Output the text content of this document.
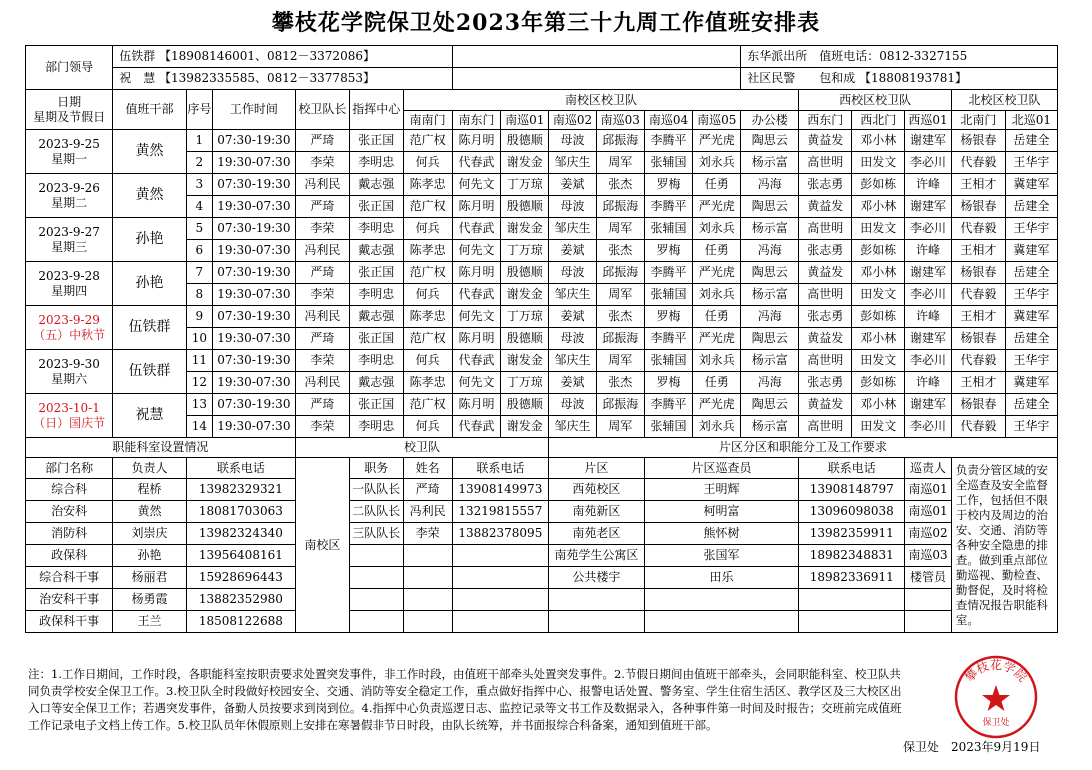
攀枝花学院保卫处2023年第三十九周工作值班安排表
部门领导	伍铁群 【18908146001、0812－3372086】												东华派出所　值班电话：0812-3327155					
	祝　慧 【13982335585、0812－3377853】												社区民警　　包和成 【18808193781】					
日期
星期及节假日	值班干部	序号	工作时间	校卫队长	指挥中心	南校区校卫队								西校区校卫队			北校区校卫队	
						南南门	南东门	南巡01	南巡02	南巡03	南巡04	南巡05	办公楼	西东门	西北门	西巡01	北南门	北巡01
2023-9-25
星期一	黄然	1	07:30-19:30	严琦	张正国	范广权	陈月明	殷德顺	母波	邱振海	李腾平	严光虎	陶思云	黄益发	邓小林	谢建军	杨银春	岳建全
		2	19:30-07:30	李荣	李明忠	何兵	代春武	谢发金	邹庆生	周军	张辅国	刘永兵	杨示富	高世明	田发文	李必川	代春毅	王华宇
2023-9-26
星期二	黄然	3	07:30-19:30	冯利民	戴志强	陈孝忠	何先文	丁万琼	姜斌	张杰	罗梅	任勇	冯海	张志勇	彭如栋	许峰	王相才	冀建军
		4	19:30-07:30	严琦	张正国	范广权	陈月明	殷德顺	母波	邱振海	李腾平	严光虎	陶思云	黄益发	邓小林	谢建军	杨银春	岳建全
2023-9-27
星期三	孙艳	5	07:30-19:30	李荣	李明忠	何兵	代春武	谢发金	邹庆生	周军	张辅国	刘永兵	杨示富	高世明	田发文	李必川	代春毅	王华宇
		6	19:30-07:30	冯利民	戴志强	陈孝忠	何先文	丁万琼	姜斌	张杰	罗梅	任勇	冯海	张志勇	彭如栋	许峰	王相才	冀建军
2023-9-28
星期四	孙艳	7	07:30-19:30	严琦	张正国	范广权	陈月明	殷德顺	母波	邱振海	李腾平	严光虎	陶思云	黄益发	邓小林	谢建军	杨银春	岳建全
		8	19:30-07:30	李荣	李明忠	何兵	代春武	谢发金	邹庆生	周军	张辅国	刘永兵	杨示富	高世明	田发文	李必川	代春毅	王华宇
2023-9-29
（五）中秋节	伍铁群	9	07:30-19:30	冯利民	戴志强	陈孝忠	何先文	丁万琼	姜斌	张杰	罗梅	任勇	冯海	张志勇	彭如栋	许峰	王相才	冀建军
		10	19:30-07:30	严琦	张正国	范广权	陈月明	殷德顺	母波	邱振海	李腾平	严光虎	陶思云	黄益发	邓小林	谢建军	杨银春	岳建全
2023-9-30
星期六	伍铁群	11	07:30-19:30	李荣	李明忠	何兵	代春武	谢发金	邹庆生	周军	张辅国	刘永兵	杨示富	高世明	田发文	李必川	代春毅	王华宇
		12	19:30-07:30	冯利民	戴志强	陈孝忠	何先文	丁万琼	姜斌	张杰	罗梅	任勇	冯海	张志勇	彭如栋	许峰	王相才	冀建军
2023-10-1
（日）国庆节	祝慧	13	07:30-19:30	严琦	张正国	范广权	陈月明	殷德顺	母波	邱振海	李腾平	严光虎	陶思云	黄益发	邓小林	谢建军	杨银春	岳建全
		14	19:30-07:30	李荣	李明忠	何兵	代春武	谢发金	邹庆生	周军	张辅国	刘永兵	杨示富	高世明	田发文	李必川	代春毅	王华宇
职能科室设置情况				校卫队					片区分区和职能分工及工作要求									
部门名称	负责人	联系电话		南校区	职务	姓名	联系电话		片区		片区巡查员			联系电话		巡责人	负责分管区域的安全巡查及安全监督工作，包括但不限于校内及周边的治安、交通、消防等各种安全隐患的排查。做到重点部位勤巡视、勤检查、勤督促，及时将检查情况报告职能科室。	
综合科	程桥	13982329321			一队队长	严琦	13908149973		西苑校区		王明辉			13908148797		南巡01		
治安科	黄然	18081703063			二队队长	冯利民	13219815557		南苑新区		柯明富			13096098038		南巡01		
消防科	刘崇庆	13982324340			三队队长	李荣	13882378095		南苑老区		熊怀树			13982359911		南巡02		
政保科	孙艳	13956408161							南苑学生公寓区		张国军			18982348831		南巡03		
综合科干事	杨丽君	15928696443							公共楼宇		田乐			18982336911		楼管员		
治安科干事	杨勇霞	13882352980																
政保科干事	王兰	18508122688																
注：1.工作日期间，工作时段，各职能科室按职责要求处置突发事件，非工作时段，由值班干部牵头处置突发事件。2.节假日期间由值班干部牵头，会同职能科室、校卫队共同负责学校安全保卫工作。3.校卫队全时段做好校园安全、交通、消防等安全稳定工作，重点做好指挥中心、报警电话处置、警务室、学生住宿生活区、教学区及三大校区出入口等安全保卫工作；若遇突发事件，备勤人员按要求到岗到位。4.指挥中心负责巡逻日志、监控记录等文书工作及数据录入，各种事件第一时间及时报告；交班前完成值班工作记录电子文档上传工作。5.校卫队员年休假原则上安排在寒暑假非节日时段，由队长统筹，并书面报综合科备案，通知到值班干部。
保卫处　2023年9月19日
攀枝花学院
保卫处
